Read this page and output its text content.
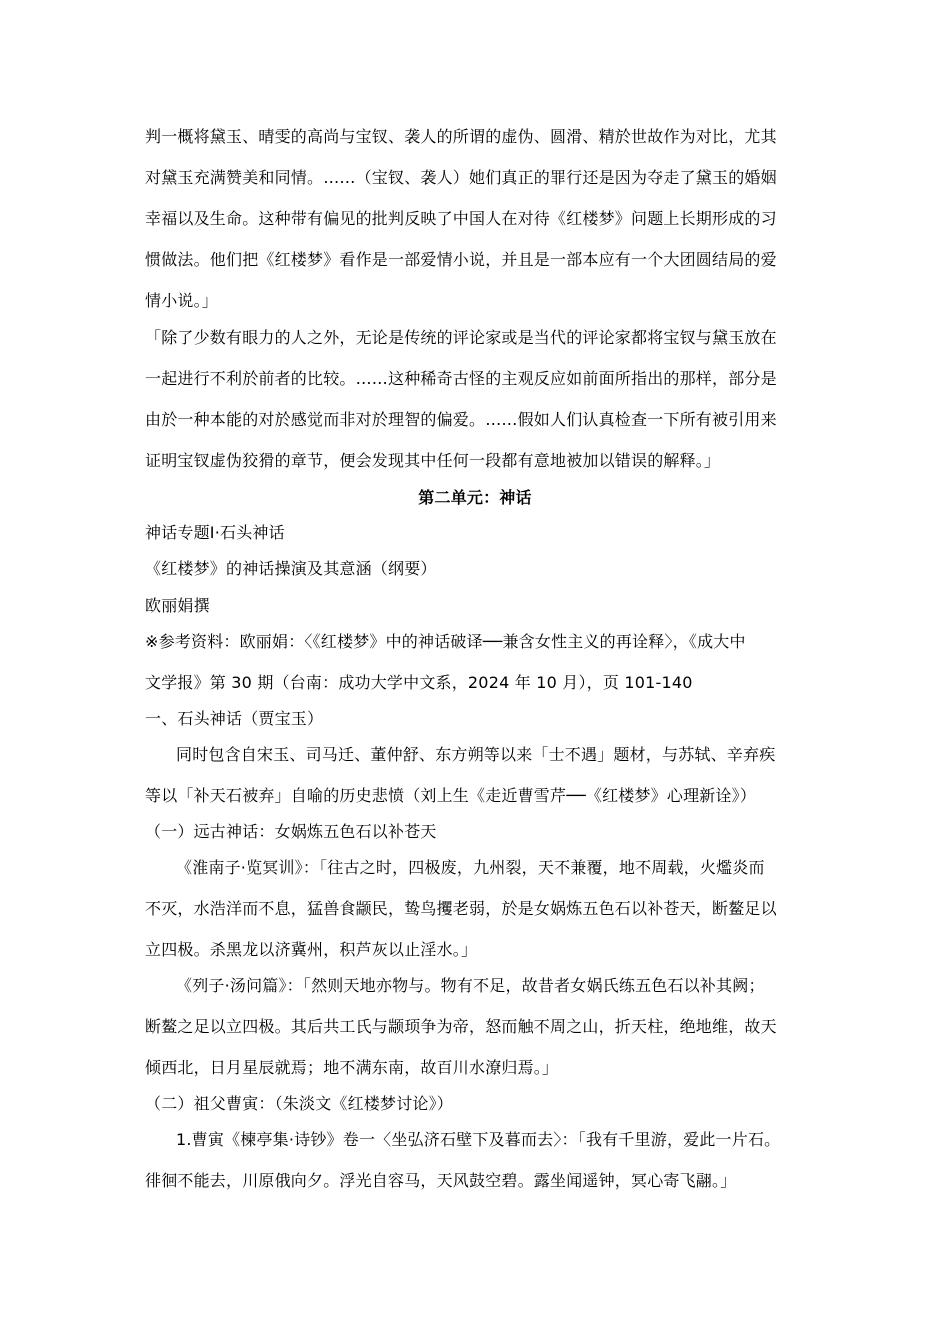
判一概将黛玉、晴雯的高尚与宝钗、袭人的所谓的虚伪、圆滑、精於世故作为对比，尤其
对黛玉充满赞美和同情。……（宝钗、袭人）她们真正的罪行还是因为夺走了黛玉的婚姻
幸福以及生命。这种带有偏见的批判反映了中国人在对待《红楼梦》问题上长期形成的习
惯做法。他们把《红楼梦》看作是一部爱情小说，并且是一部本应有一个大团圆结局的爱
情小说。」
「除了少数有眼力的人之外，无论是传统的评论家或是当代的评论家都将宝钗与黛玉放在
一起进行不利於前者的比较。……这种稀奇古怪的主观反应如前面所指出的那样，部分是
由於一种本能的对於感觉而非对於理智的偏爱。……假如人们认真检查一下所有被引用来
证明宝钗虚伪狡猾的章节，便会发现其中任何一段都有意地被加以错误的解释。」
第二单元：神话
神话专题Ⅰ·石头神话
《红楼梦》的神话操演及其意涵（纲要）
欧丽娟撰
※参考资料：欧丽娟：〈《红楼梦》中的神话破译──兼含女性主义的再诠释〉，《成大中
文学报》第 30 期（台南：成功大学中文系，2024 年 10 月），页 101-140
一、石头神话（贾宝玉）
同时包含自宋玉、司马迁、董仲舒、东方朔等以来「士不遇」题材，与苏轼、辛弃疾
等以「补天石被弃」自喻的历史悲愤（刘上生《走近曹雪芹──《红楼梦》心理新诠》）
（一）远古神话：女娲炼五色石以补苍天
《淮南子·览冥训》：「往古之时，四极废，九州裂，天不兼覆，地不周载，火爁炎而
不灭，水浩洋而不息，猛兽食颛民，鸷鸟攫老弱，於是女娲炼五色石以补苍天，断鳌足以
立四极。杀黑龙以济冀州，积芦灰以止淫水。」
《列子·汤问篇》：「然则天地亦物与。物有不足，故昔者女娲氏练五色石以补其阙；
断鳌之足以立四极。其后共工氏与颛顼争为帝，怒而触不周之山，折天柱，绝地维，故天
倾西北，日月星辰就焉；地不满东南，故百川水潦归焉。」
（二）祖父曹寅：（朱淡文《红楼梦讨论》）
1.曹寅《楝亭集·诗钞》卷一〈坐弘济石壁下及暮而去〉：「我有千里游，爱此一片石。
徘徊不能去，川原俄向夕。浮光自容马，天风鼓空碧。露坐闻遥钟，冥心寄飞翮。」
